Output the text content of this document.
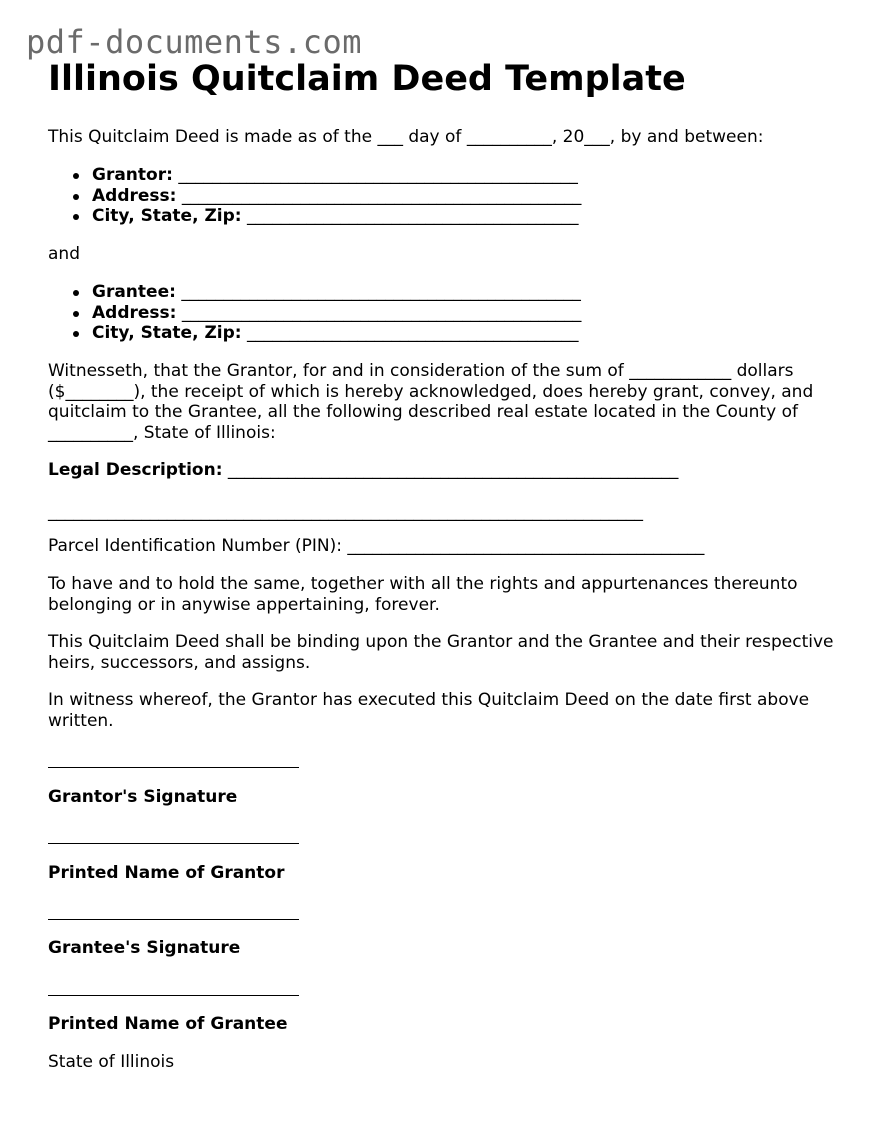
pdf-documents.com
Illinois Quitclaim Deed Template

This Quitclaim Deed is made as of the ___ day of __________, 20___, by and between:

Grantor: _______________________________________________
Address: _______________________________________________
City, State, Zip: _______________________________________

and

Grantee: _______________________________________________
Address: _______________________________________________
City, State, Zip: _______________________________________

Witnesseth, that the Grantor, for and in consideration of the sum of ____________ dollars ($________), the receipt of which is hereby acknowledged, does hereby grant, convey, and quitclaim to the Grantee, all the following described real estate located in the County of __________, State of Illinois:

Legal Description: _____________________________________________________

______________________________________________________________________

Parcel Identification Number (PIN): __________________________________________

To have and to hold the same, together with all the rights and appurtenances thereunto belonging or in anywise appertaining, forever.

This Quitclaim Deed shall be binding upon the Grantor and the Grantee and their respective heirs, successors, and assigns.

In witness whereof, the Grantor has executed this Quitclaim Deed on the date first above written.

Grantor's Signature

Printed Name of Grantor

Grantee's Signature

Printed Name of Grantee

State of Illinois
